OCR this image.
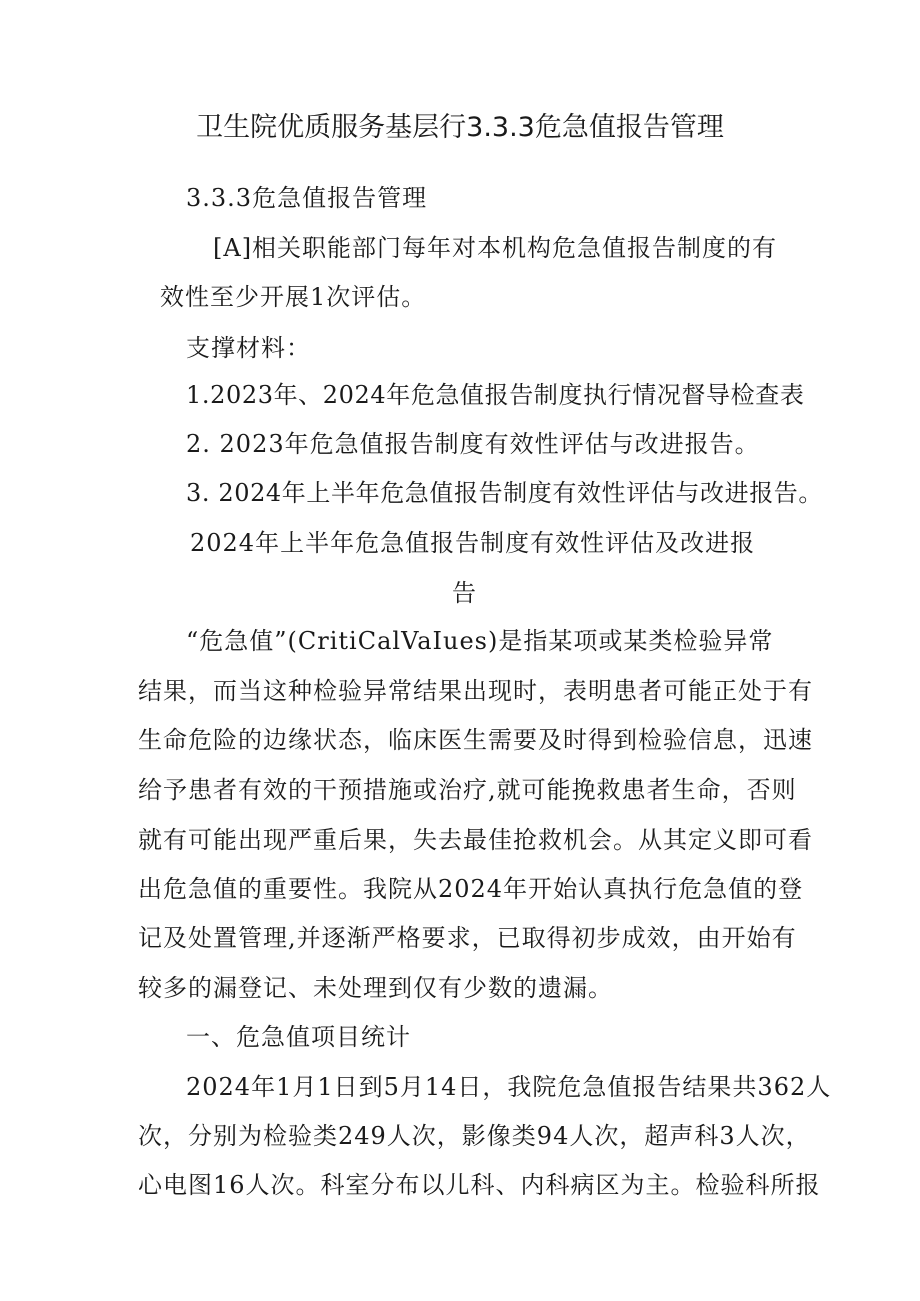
卫生院优质服务基层行3.3.3危急值报告管理
3.3.3危急值报告管理
[A]相关职能部门每年对本机构危急值报告制度的有
效性至少开展1次评估。
支撑材料：
1.2023年、2024年危急值报告制度执行情况督导检查表
2. 2023年危急值报告制度有效性评估与改进报告。
3. 2024年上半年危急值报告制度有效性评估与改进报告。
2024年上半年危急值报告制度有效性评估及改进报
告
“危急值”(CritiCalVaIues)是指某项或某类检验异常
结果，而当这种检验异常结果出现时，表明患者可能正处于有
生命危险的边缘状态，临床医生需要及时得到检验信息，迅速
给予患者有效的干预措施或治疗,就可能挽救患者生命，否则
就有可能出现严重后果，失去最佳抢救机会。从其定义即可看
出危急值的重要性。我院从2024年开始认真执行危急值的登
记及处置管理,并逐渐严格要求，已取得初步成效，由开始有
较多的漏登记、未处理到仅有少数的遗漏。
一、危急值项目统计
2024年1月1日到5月14日，我院危急值报告结果共362人
次，分别为检验类249人次，影像类94人次，超声科3人次，
心电图16人次。科室分布以儿科、内科病区为主。检验科所报
